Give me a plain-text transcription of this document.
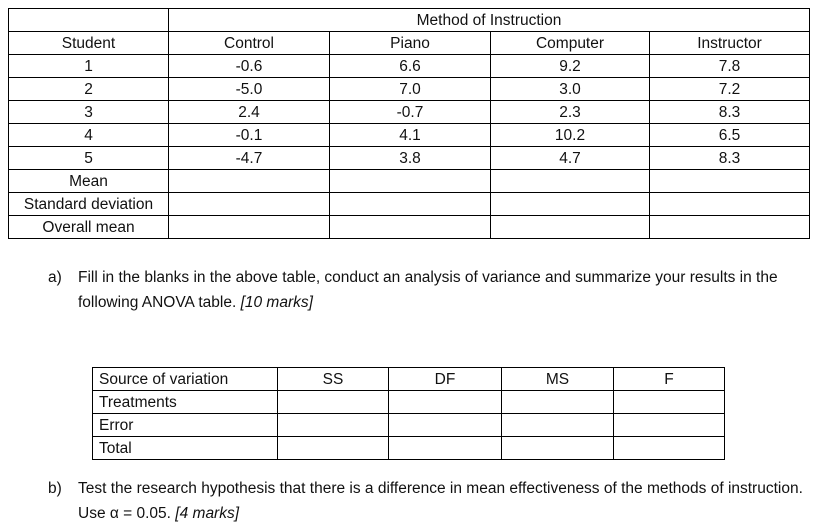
	Method of Instruction			
Student	Control	Piano	Computer	Instructor
1	-0.6	6.6	9.2	7.8
2	-5.0	7.0	3.0	7.2
3	2.4	-0.7	2.3	8.3
4	-0.1	4.1	10.2	6.5
5	-4.7	3.8	4.7	8.3
Mean				
Standard deviation				
Overall mean				
a) Fill in the blanks in the above table, conduct an analysis of variance and summarize your results in the following ANOVA table. [10 marks]
Source of variation	SS	DF	MS	F
Treatments				
Error				
Total				
b) Test the research hypothesis that there is a difference in mean effectiveness of the methods of instruction. Use α = 0.05. [4 marks]
